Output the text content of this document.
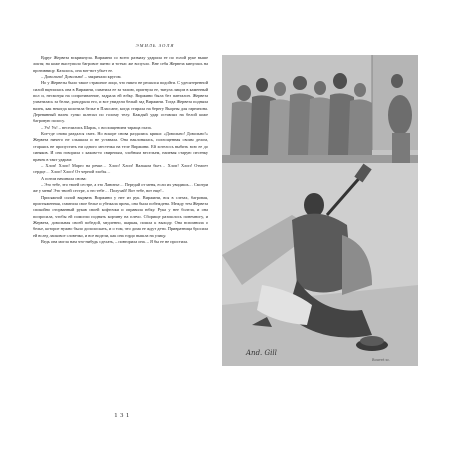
ЭМИЛЬ ЗОЛЯ

Вдруг Жервеза вскрикнула. Виржини со всего размаху ударила ее по голой руке выше локтя; на коже выступило багровое пятно и тотчас же вспухло. Вне себя Жервеза кинулась на противницу. Казалось, она вот-вот убьет ее.

– Довольно! Довольно! – закричали кругом.

Но у Жервезы было такое страшное лицо, что никто не решался подойти. С удесятеренной силой вцепилась она в Виржини, схватила ее за талию, пригнула ее, ткнула лицом в каменный пол и, несмотря на сопротивление, задрала ей юбку. Виржини была без панталон. Жервеза ухватилась за белье, разодрала его, и все увидели белый зад Виржини. Тогда Жервеза подняла валек, как некогда колотила белье в Плассане, когда стирала на берегу Вьорны для гарнизона. Деревянный валек гулко шлепал по голому телу. Каждый удар оставлял на белой коже багровую полосу.

– Ух! Ух! – веселились Шарль, с восхищением тараща глаза.

Кое-где снова раздался смех. Но вскоре снова раздались крики: «Довольно! Довольно!» Жервеза ничего не слышала и не уставала. Она наклонялась, поглощенная своим делом, стараясь не пропустить ни одного местечка на теле Виржини. Ей хотелось выбить всю ее до синяков. И она говорила с каким-то свирепым, злобным весельем, напевая старую песенку прачек в такт ударам:

– Хлоп! Хлоп! Марго на речке… Хлоп! Хлоп! Вальком бьет… Хлоп! Хлоп! Отмоет сердце… Хлоп! Хлоп! От черной злобы…

А потом начинала снова:

– Это тебе, это твоей сестре, а это Ланитье… Передай от меня, если их увидишь… Смотри же у меня! Это твоей сестре, а это тебе… Получай! Вот тебе, вот еще!..

Присяжной силой вырвать Виржини у нее из рук. Виржини, вся в слезах, багровая, пристыженная, схватила свое белье и убежала прочь, она была побеждена. Между тем Жервеза спокойно оторванный рукав своей кофточки и оправила юбку. Рука у нее болела, и она попросила, чтобы ей помогли поднять корзину на плечо. Сборище разошлось понемногу, и Жервеза, довольная своей победой, медленно, шаркая, пошла к выходу. Она вспомнила о белье, которое нужно было дополоскать, и о том, что дома ее ждут дети. Привратница бросила ей вслед ласковое словечко, и все видели, как она гордо вышла на улицу.

Ведь она могла нам что-нибудь сделать, – повторила она. – Я бы ее не простила.

1 3 1
And. Gill
Bouvet sc.
